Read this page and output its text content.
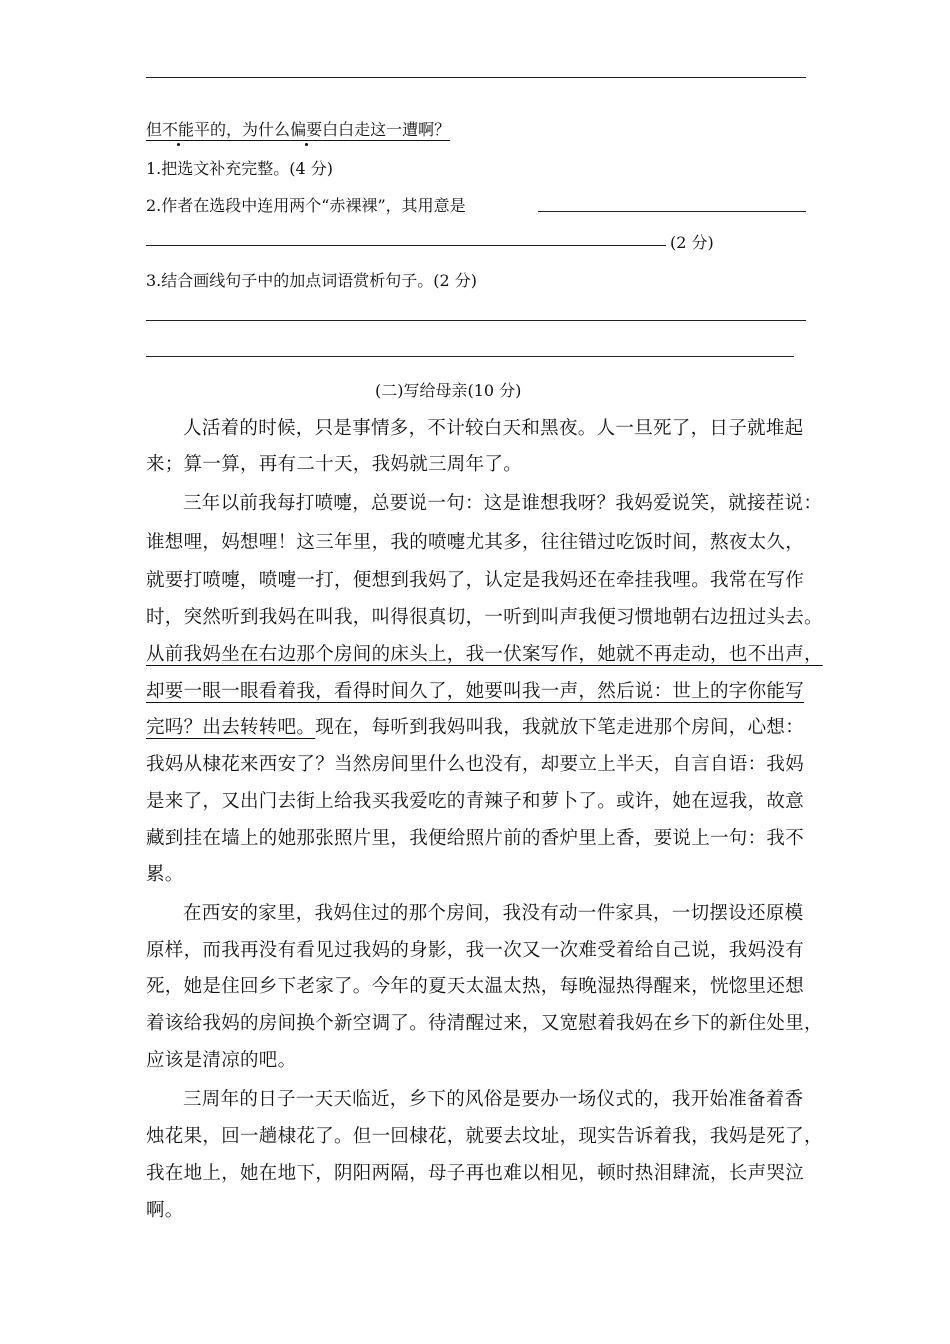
但不能平的，为什么偏要白白走这一遭啊？
1.把选文补充完整。(4 分)
2.作者在选段中连用两个“赤裸裸”，其用意是
(2 分)
3.结合画线句子中的加点词语赏析句子。(2 分)
(二)写给母亲(10 分)
人活着的时候，只是事情多，不计较白天和黑夜。人一旦死了，日子就堆起
来；算一算，再有二十天，我妈就三周年了。
三年以前我每打喷嚏，总要说一句：这是谁想我呀？我妈爱说笑，就接茬说：
谁想哩，妈想哩！这三年里，我的喷嚏尤其多，往往错过吃饭时间，熬夜太久，
就要打喷嚏，喷嚏一打，便想到我妈了，认定是我妈还在牵挂我哩。我常在写作
时，突然听到我妈在叫我，叫得很真切，一听到叫声我便习惯地朝右边扭过头去。
从前我妈坐在右边那个房间的床头上，我一伏案写作，她就不再走动，也不出声，
却要一眼一眼看着我，看得时间久了，她要叫我一声，然后说：世上的字你能写
完吗？出去转转吧。现在，每听到我妈叫我，我就放下笔走进那个房间，心想：
我妈从棣花来西安了？当然房间里什么也没有，却要立上半天，自言自语：我妈
是来了，又出门去街上给我买我爱吃的青辣子和萝卜了。或许，她在逗我，故意
藏到挂在墙上的她那张照片里，我便给照片前的香炉里上香，要说上一句：我不
累。
在西安的家里，我妈住过的那个房间，我没有动一件家具，一切摆设还原模
原样，而我再没有看见过我妈的身影，我一次又一次难受着给自己说，我妈没有
死，她是住回乡下老家了。今年的夏天太温太热，每晚湿热得醒来，恍惚里还想
着该给我妈的房间换个新空调了。待清醒过来，又宽慰着我妈在乡下的新住处里，
应该是清凉的吧。
三周年的日子一天天临近，乡下的风俗是要办一场仪式的，我开始准备着香
烛花果，回一趟棣花了。但一回棣花，就要去坟址，现实告诉着我，我妈是死了，
我在地上，她在地下，阴阳两隔，母子再也难以相见，顿时热泪肆流，长声哭泣
啊。
